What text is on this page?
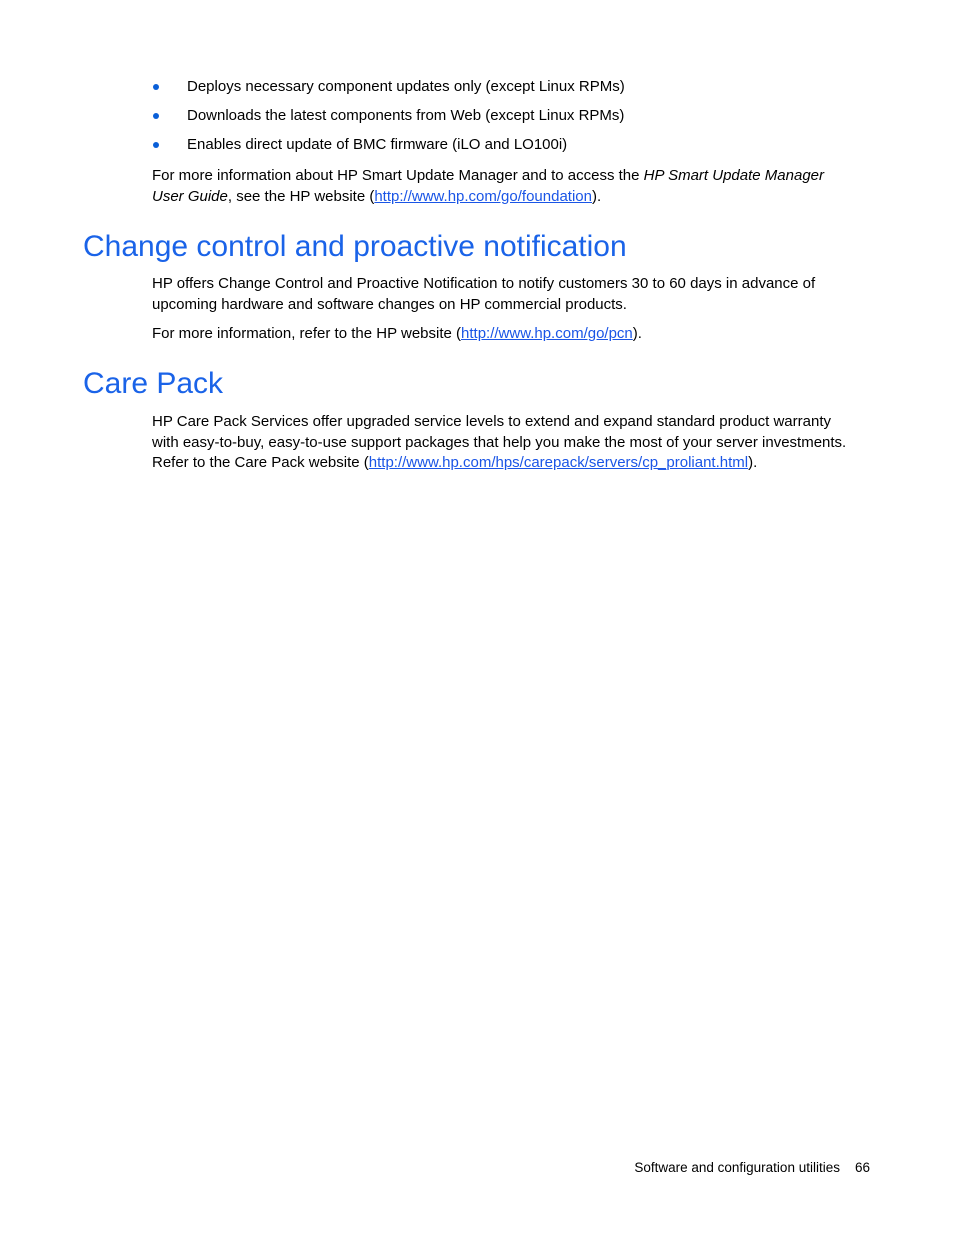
Deploys necessary component updates only (except Linux RPMs)
Downloads the latest components from Web (except Linux RPMs)
Enables direct update of BMC firmware (iLO and LO100i)

For more information about HP Smart Update Manager and to access the HP Smart Update Manager User Guide, see the HP website (http://www.hp.com/go/foundation).

Change control and proactive notification

HP offers Change Control and Proactive Notification to notify customers 30 to 60 days in advance of upcoming hardware and software changes on HP commercial products.

For more information, refer to the HP website (http://www.hp.com/go/pcn).

Care Pack

HP Care Pack Services offer upgraded service levels to extend and expand standard product warranty with easy-to-buy, easy-to-use support packages that help you make the most of your server investments. Refer to the Care Pack website (http://www.hp.com/hps/carepack/servers/cp_proliant.html).

Software and configuration utilities 66
